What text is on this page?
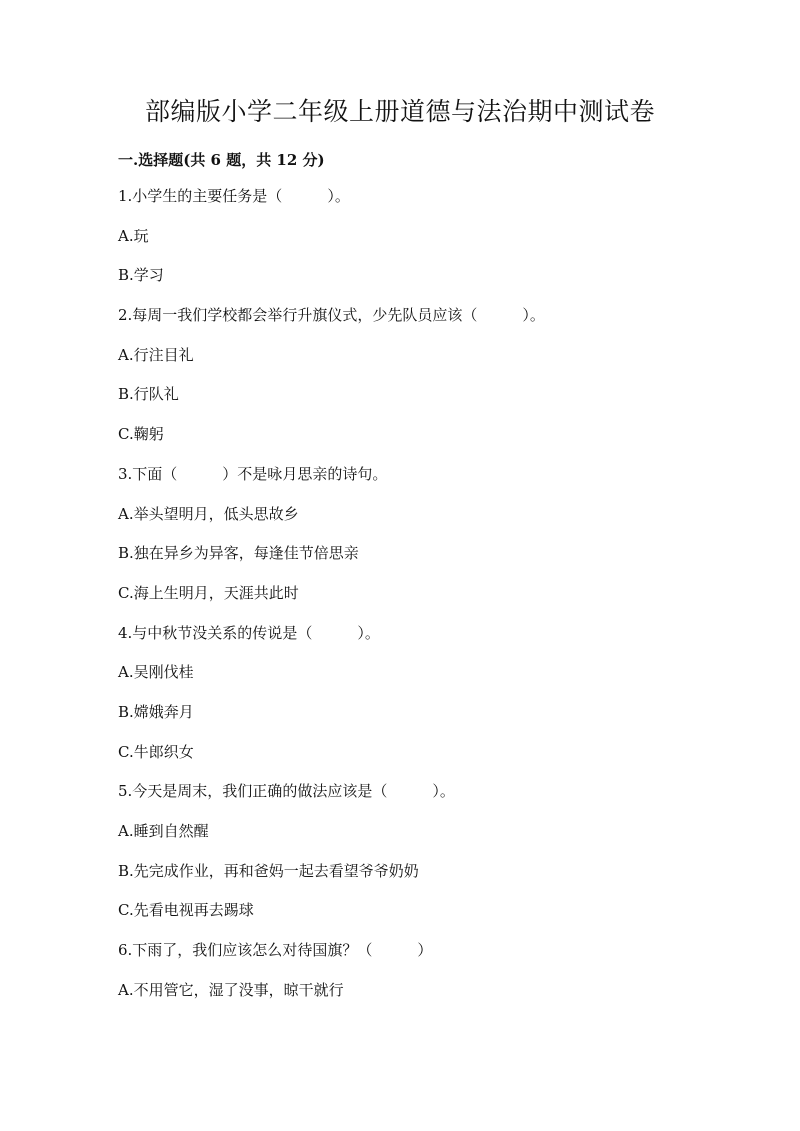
部编版小学二年级上册道德与法治期中测试卷
一.选择题(共 6 题，共 12 分)
1.小学生的主要任务是（　　　）。
A.玩
B.学习
2.每周一我们学校都会举行升旗仪式，少先队员应该（　　　）。
A.行注目礼
B.行队礼
C.鞠躬
3.下面（　　　）不是咏月思亲的诗句。
A.举头望明月，低头思故乡
B.独在异乡为异客，每逢佳节倍思亲
C.海上生明月，天涯共此时
4.与中秋节没关系的传说是（　　　）。
A.吴刚伐桂
B.嫦娥奔月
C.牛郎织女
5.今天是周末，我们正确的做法应该是（　　　）。
A.睡到自然醒
B.先完成作业，再和爸妈一起去看望爷爷奶奶
C.先看电视再去踢球
6.下雨了，我们应该怎么对待国旗？（　　　）
A.不用管它，湿了没事，晾干就行
